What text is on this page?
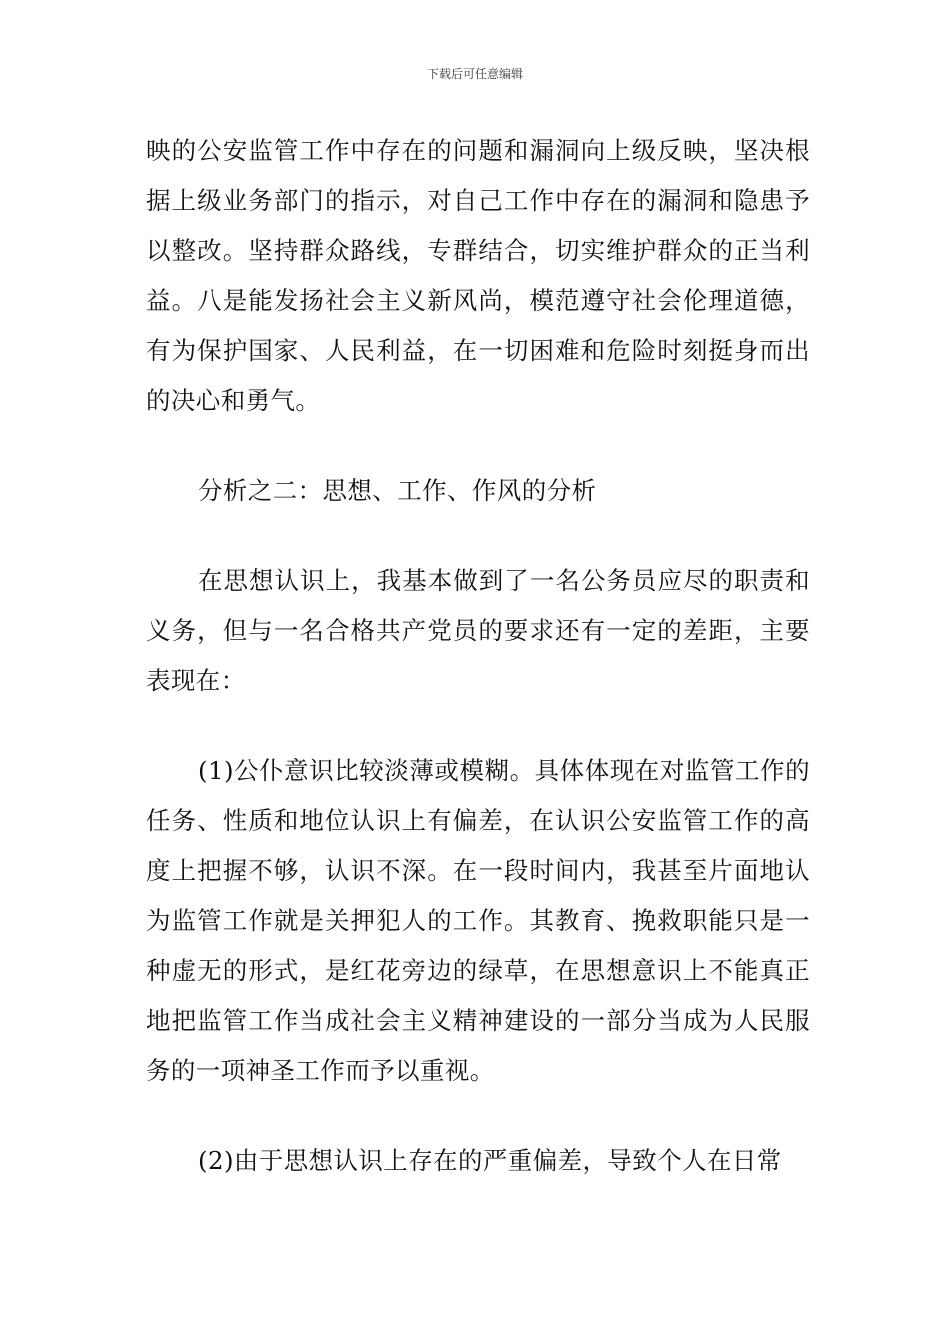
下载后可任意编辑

映的公安监管工作中存在的问题和漏洞向上级反映，坚决根据上级业务部门的指示，对自己工作中存在的漏洞和隐患予以整改。坚持群众路线，专群结合，切实维护群众的正当利益。八是能发扬社会主义新风尚，模范遵守社会伦理道德，有为保护国家、人民利益，在一切困难和危险时刻挺身而出的决心和勇气。

分析之二：思想、工作、作风的分析

在思想认识上，我基本做到了一名公务员应尽的职责和义务，但与一名合格共产党员的要求还有一定的差距，主要表现在：

(1)公仆意识比较淡薄或模糊。具体体现在对监管工作的任务、性质和地位认识上有偏差，在认识公安监管工作的高度上把握不够，认识不深。在一段时间内，我甚至片面地认为监管工作就是关押犯人的工作。其教育、挽救职能只是一种虚无的形式，是红花旁边的绿草，在思想意识上不能真正地把监管工作当成社会主义精神建设的一部分当成为人民服务的一项神圣工作而予以重视。

(2)由于思想认识上存在的严重偏差，导致个人在日常
